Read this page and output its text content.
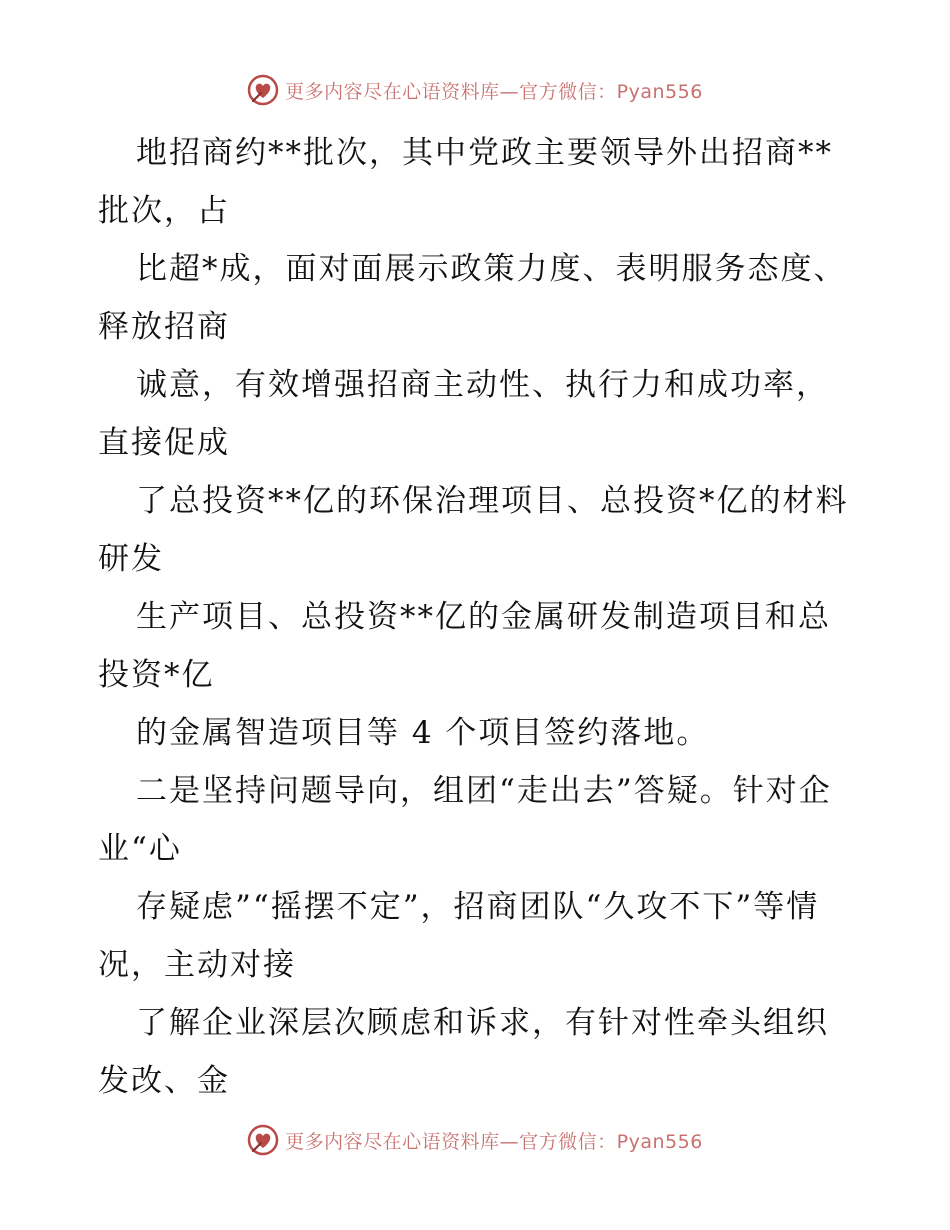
更多内容尽在心语资料库—官方微信：Pyan556

地招商约**批次，其中党政主要领导外出招商**批次，占

比超*成，面对面展示政策力度、表明服务态度、释放招商

诚意，有效增强招商主动性、执行力和成功率，直接促成

了总投资**亿的环保治理项目、总投资*亿的材料研发

生产项目、总投资**亿的金属研发制造项目和总投资*亿

的金属智造项目等 4 个项目签约落地。

二是坚持问题导向，组团“走出去”答疑。针对企业“心

存疑虑”“摇摆不定”，招商团队“久攻不下”等情况，主动对接

了解企业深层次顾虑和诉求，有针对性牵头组织发改、金

更多内容尽在心语资料库—官方微信：Pyan556
